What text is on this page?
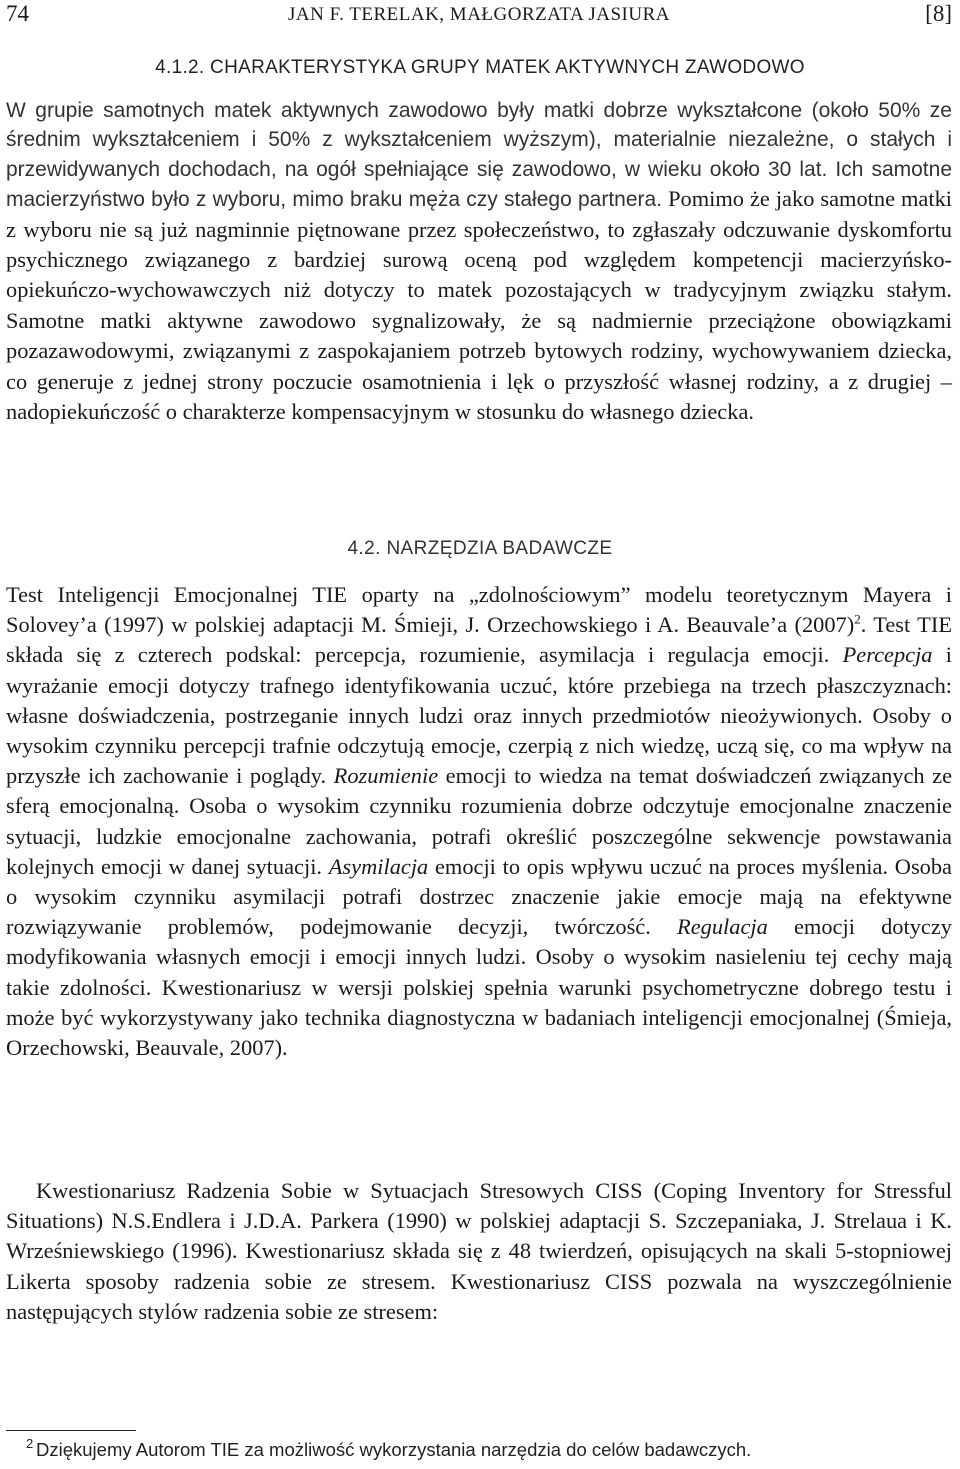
74	JAN F. TERELAK, MAŁGORZATA JASIURA	[8]
4.1.2. CHARAKTERYSTYKA GRUPY MATEK AKTYWNYCH ZAWODOWO
W grupie samotnych matek aktywnych zawodowo były matki dobrze wykształcone (około 50% ze średnim wykształceniem i 50% z wykształceniem wyższym), materialnie niezależne, o stałych i przewidywanych dochodach, na ogół spełniające się zawodowo, w wieku około 30 lat. Ich samotne macierzyństwo było z wyboru, mimo braku męża czy stałego partnera. Pomimo że jako samotne matki z wyboru nie są już nagminnie piętnowane przez społeczeństwo, to zgłaszały odczuwanie dyskomfortu psychicznego związanego z bardziej surową oceną pod względem kompetencji macierzyńsko-opiekuńczo-wychowawczych niż dotyczy to matek pozostających w tradycyjnym związku stałym. Samotne matki aktywne zawodowo sygnalizowały, że są nadmiernie przeciążone obowiązkami pozazawodowymi, związanymi z zaspokajaniem potrzeb bytowych rodziny, wychowywaniem dziecka, co generuje z jednej strony poczucie osamotnienia i lęk o przyszłość własnej rodziny, a z drugiej – nadopiekuńczość o charakterze kompensacyjnym w stosunku do własnego dziecka.
4.2. NARZĘDZIA BADAWCZE

Test Inteligencji Emocjonalnej TIE oparty na „zdolnościowym” modelu teoretycznym Mayera i Solovey’a (1997) w polskiej adaptacji M. Śmieji, J. Orzechowskiego i A. Beauvale’a (2007)$^2$. Test TIE składa się z czterech podskal: percepcja, rozumienie, asymilacja i regulacja emocji. Percepcja i wyrażanie emocji dotyczy trafnego identyfikowania uczuć, które przebiega na trzech płaszczyznach: własne doświadczenia, postrzeganie innych ludzi oraz innych przedmiotów nieożywionych. Osoby o wysokim czynniku percepcji trafnie odczytują emocje, czerpią z nich wiedzę, uczą się, co ma wpływ na przyszłe ich zachowanie i poglądy. Rozumienie emocji to wiedza na temat doświadczeń związanych ze sferą emocjonalną. Osoba o wysokim czynniku rozumienia dobrze odczytuje emocjonalne znaczenie sytuacji, ludzkie emocjonalne zachowania, potrafi określić poszczególne sekwencje powstawania kolejnych emocji w danej sytuacji. Asymilacja emocji to opis wpływu uczuć na proces myślenia. Osoba o wysokim czynniku asymilacji potrafi dostrzec znaczenie jakie emocje mają na efektywne rozwiązywanie problemów, podejmowanie decyzji, twórczość. Regulacja emocji dotyczy modyfikowania własnych emocji i emocji innych ludzi. Osoby o wysokim nasieleniu tej cechy mają takie zdolności. Kwestionariusz w wersji polskiej spełnia warunki psychometryczne dobrego testu i może być wykorzystywany jako technika diagnostyczna w badaniach inteligencji emocjonalnej (Śmieja, Orzechowski, Beauvale, 2007).

Kwestionariusz Radzenia Sobie w Sytuacjach Stresowych CISS (Coping Inventory for Stressful Situations) N.S.Endlera i J.D.A. Parkera (1990) w polskiej adaptacji S. Szczepaniaka, J. Strelaua i K. Wrześniewskiego (1996). Kwestionariusz składa się z 48 twierdzeń, opisujących na skali 5-stopniowej Likerta sposoby radzenia sobie ze stresem. Kwestionariusz CISS pozwala na wyszczególnienie następujących stylów radzenia sobie ze stresem:

2 Dziękujemy Autorom TIE za możliwość wykorzystania narzędzia do celów badawczych.
